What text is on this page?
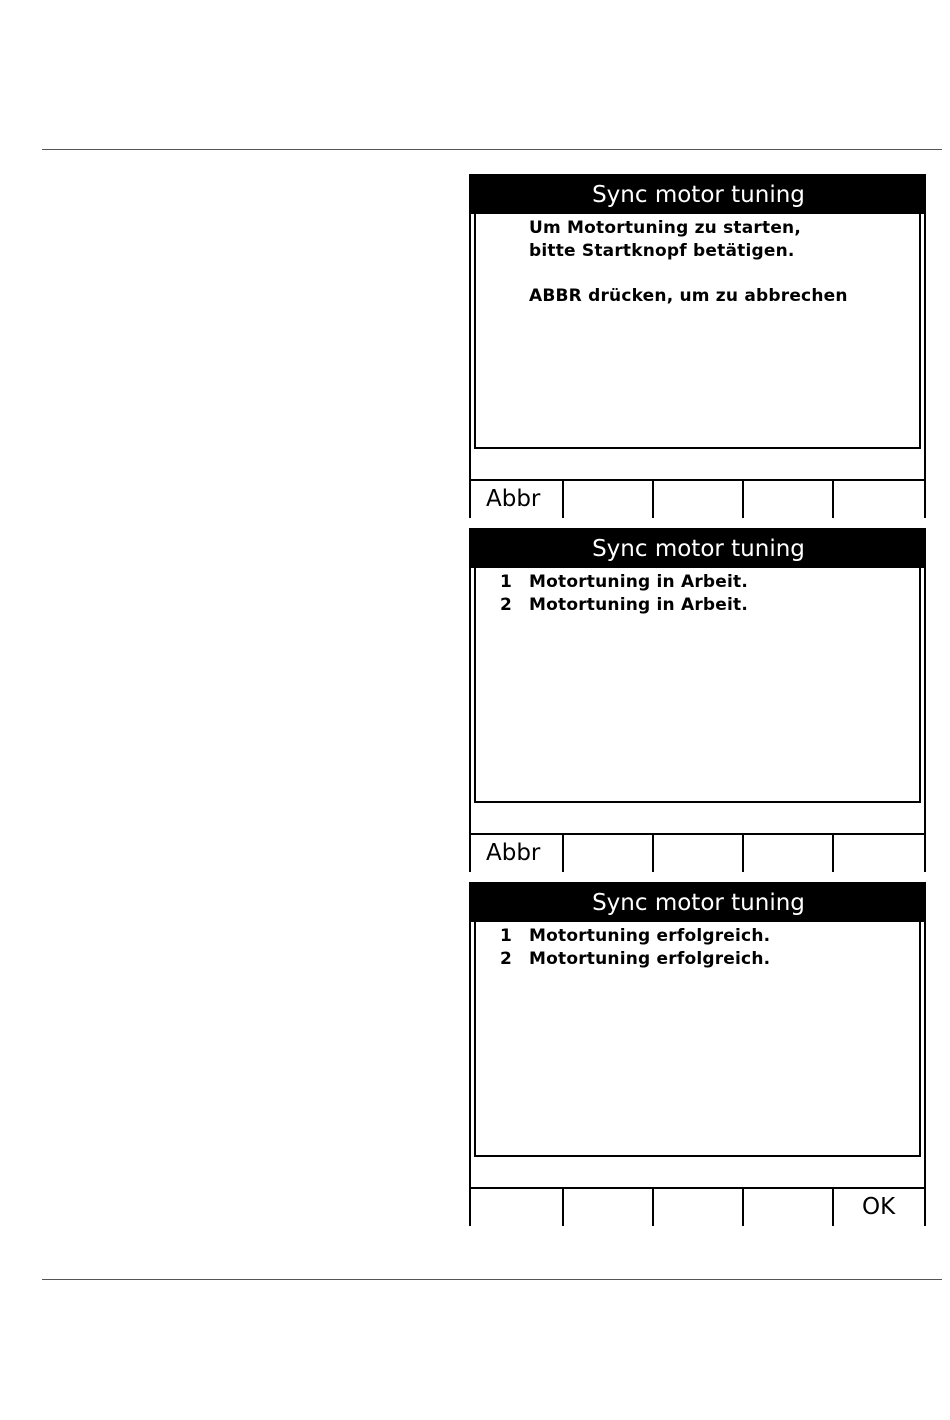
Sync motor tuning
Um Motortuning zu starten,
bitte Startknopf betätigen.
ABBR drücken, um zu abbrechen
Abbr
Sync motor tuning
1 Motortuning in Arbeit.
2 Motortuning in Arbeit.
Abbr
Sync motor tuning
1 Motortuning erfolgreich.
2 Motortuning erfolgreich.
OK
